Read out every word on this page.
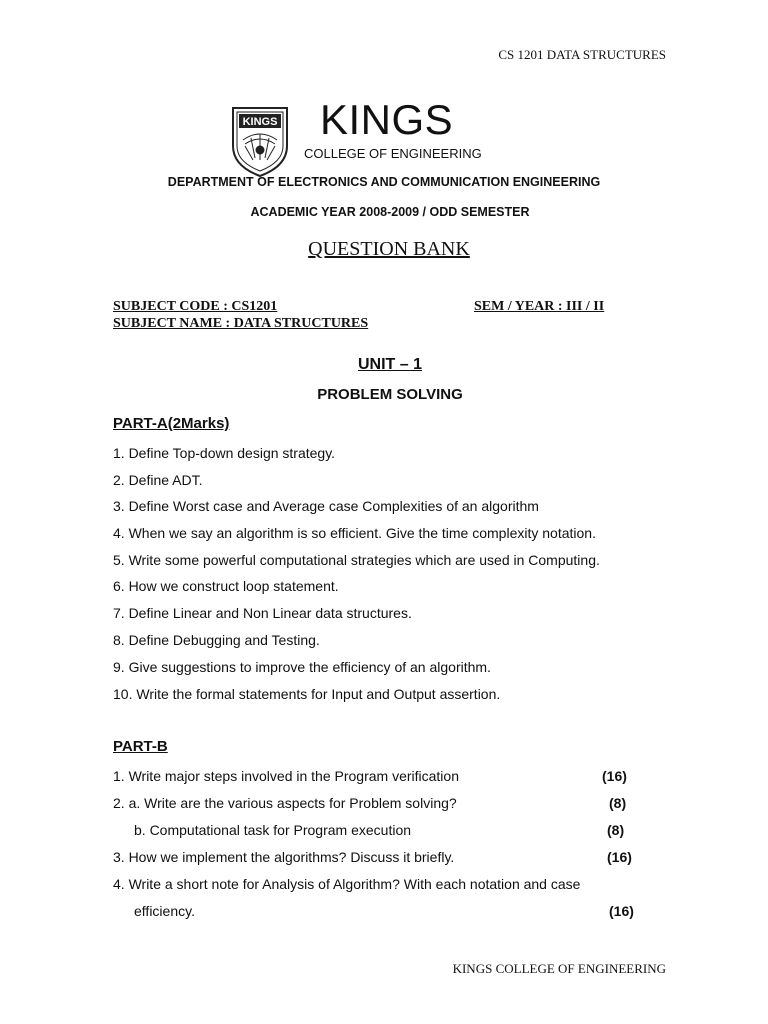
CS 1201 DATA STRUCTURES
KINGS KINGS
COLLEGE OF ENGINEERING
DEPARTMENT OF ELECTRONICS AND COMMUNICATION ENGINEERING
ACADEMIC YEAR 2008-2009 / ODD SEMESTER
QUESTION BANK
SUBJECT CODE : CS1201
SUBJECT NAME : DATA STRUCTURES
SEM / YEAR : III / II
UNIT – 1
PROBLEM SOLVING
PART-A(2Marks)
1. Define Top-down design strategy.
2. Define ADT.
3. Define Worst case and Average case Complexities of an algorithm
4. When we say an algorithm is so efficient. Give the time complexity notation.
5. Write some powerful computational strategies which are used in Computing.
6. How we construct loop statement.
7. Define Linear and Non Linear data structures.
8. Define Debugging and Testing.
9. Give suggestions to improve the efficiency of an algorithm.
10. Write the formal statements for Input and Output assertion.
PART-B
1. Write major steps involved in the Program verification	(16)
2. a. Write are the various aspects for Problem solving?	(8)
b. Computational task for Program execution	(8)
3. How we implement the algorithms? Discuss it briefly.	(16)
4. Write a short note for Analysis of Algorithm? With each notation and case
efficiency.	(16)
KINGS COLLEGE OF ENGINEERING
